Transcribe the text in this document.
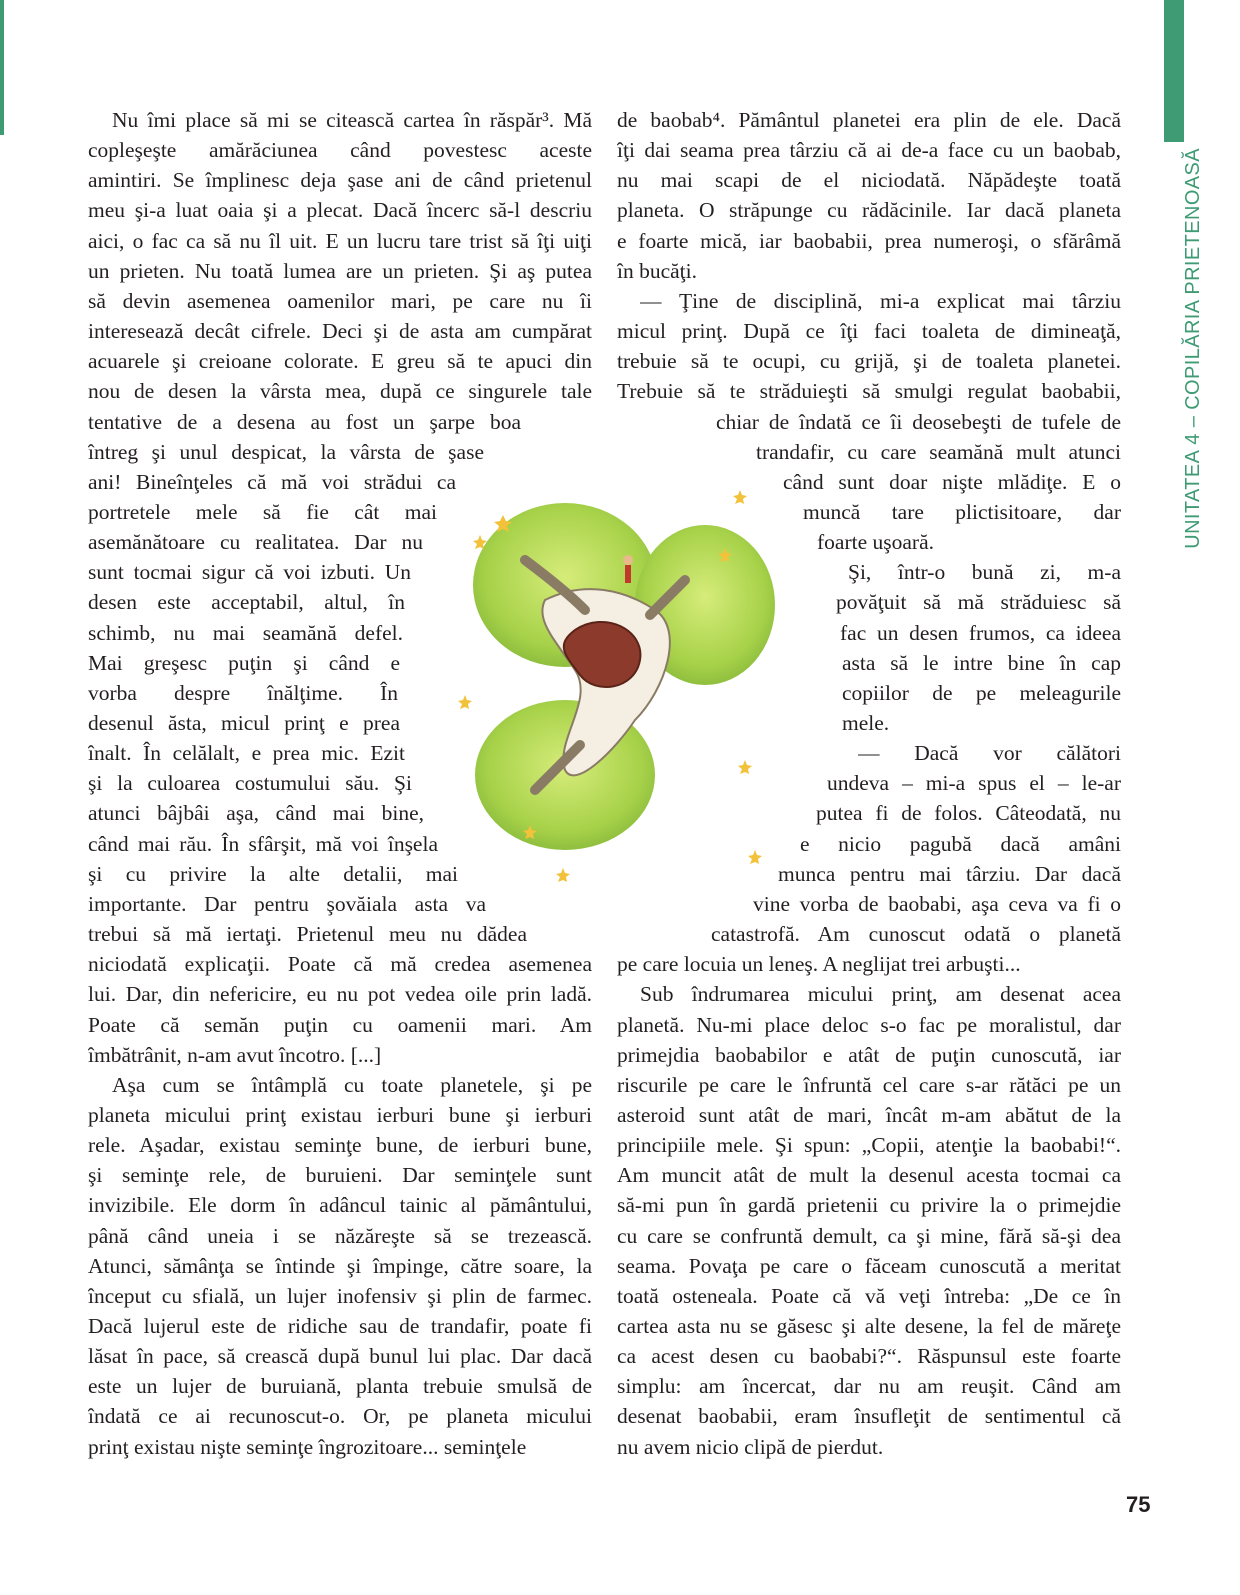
UNITATEA 4 – COPILĂRIA PRIETENOASĂ
Nu îmi place să mi se citească cartea în răspăr³. Mă
copleşeşte amărăciunea când povestesc aceste
amintiri. Se împlinesc deja şase ani de când prietenul
meu şi-a luat oaia şi a plecat. Dacă încerc să-l descriu
aici, o fac ca să nu îl uit. E un lucru tare trist să îţi uiţi
un prieten. Nu toată lumea are un prieten. Şi aş putea
să devin asemenea oamenilor mari, pe care nu îi
interesează decât cifrele. Deci şi de asta am cumpărat
acuarele şi creioane colorate. E greu să te apuci din
nou de desen la vârsta mea, după ce singurele tale
tentative de a desena au fost un şarpe boa
întreg şi unul despicat, la vârsta de şase
ani! Bineînţeles că mă voi strădui ca
portretele mele să fie cât mai
asemănătoare cu realitatea. Dar nu
sunt tocmai sigur că voi izbuti. Un
desen este acceptabil, altul, în
schimb, nu mai seamănă defel.
Mai greşesc puţin şi când e
vorba despre înălţime. În
desenul ăsta, micul prinţ e prea
înalt. În celălalt, e prea mic. Ezit
şi la culoarea costumului său. Şi
atunci bâjbâi aşa, când mai bine,
când mai rău. În sfârşit, mă voi înşela
şi cu privire la alte detalii, mai
importante. Dar pentru şovăiala asta va
trebui să mă iertaţi. Prietenul meu nu dădea
niciodată explicaţii. Poate că mă credea asemenea
lui. Dar, din nefericire, eu nu pot vedea oile prin ladă.
Poate că semăn puţin cu oamenii mari. Am
îmbătrânit, n-am avut încotro. [...]
Aşa cum se întâmplă cu toate planetele, şi pe
planeta micului prinţ existau ierburi bune şi ierburi
rele. Aşadar, existau seminţe bune, de ierburi bune,
şi seminţe rele, de buruieni. Dar seminţele sunt
invizibile. Ele dorm în adâncul tainic al pământului,
până când uneia i se năzăreşte să se trezească.
Atunci, sămânţa se întinde şi împinge, către soare, la
început cu sfială, un lujer inofensiv şi plin de farmec.
Dacă lujerul este de ridiche sau de trandafir, poate fi
lăsat în pace, să crească după bunul lui plac. Dar dacă
este un lujer de buruiană, planta trebuie smulsă de
îndată ce ai recunoscut-o. Or, pe planeta micului
prinţ existau nişte seminţe îngrozitoare... seminţele
de baobab⁴. Pământul planetei era plin de ele. Dacă
îţi dai seama prea târziu că ai de-a face cu un baobab,
nu mai scapi de el niciodată. Năpădeşte toată
planeta. O străpunge cu rădăcinile. Iar dacă planeta
e foarte mică, iar baobabii, prea numeroşi, o sfărâmă
în bucăţi.
— Ţine de disciplină, mi-a explicat mai târziu
micul prinţ. După ce îţi faci toaleta de dimineaţă,
trebuie să te ocupi, cu grijă, şi de toaleta planetei.
Trebuie să te străduieşti să smulgi regulat baobabii,
chiar de îndată ce îi deosebeşti de tufele de
trandafir, cu care seamănă mult atunci
când sunt doar nişte mlădiţe. E o
muncă tare plictisitoare, dar
foarte uşoară.
Şi, într-o bună zi, m-a
povăţuit să mă străduiesc să
fac un desen frumos, ca ideea
asta să le intre bine în cap
copiilor de pe meleagurile
mele.
— Dacă vor călători
undeva – mi-a spus el – le-ar
putea fi de folos. Câteodată, nu
e nicio pagubă dacă amâni
munca pentru mai târziu. Dar dacă
vine vorba de baobabi, aşa ceva va fi o
catastrofă. Am cunoscut odată o planetă
pe care locuia un leneş. A neglijat trei arbuşti...
Sub îndrumarea micului prinţ, am desenat acea
planetă. Nu-mi place deloc s-o fac pe moralistul, dar
primejdia baobabilor e atât de puţin cunoscută, iar
riscurile pe care le înfruntă cel care s-ar rătăci pe un
asteroid sunt atât de mari, încât m-am abătut de la
principiile mele. Şi spun: „Copii, atenţie la baobabi!“.
Am muncit atât de mult la desenul acesta tocmai ca
să-mi pun în gardă prietenii cu privire la o primejdie
cu care se confruntă demult, ca şi mine, fără să-şi dea
seama. Povaţa pe care o făceam cunoscută a meritat
toată osteneala. Poate că vă veţi întreba: „De ce în
cartea asta nu se găsesc şi alte desene, la fel de măreţe
ca acest desen cu baobabi?“. Răspunsul este foarte
simplu: am încercat, dar nu am reuşit. Când am
desenat baobabii, eram însufleţit de sentimentul că
nu avem nicio clipă de pierdut.
75
